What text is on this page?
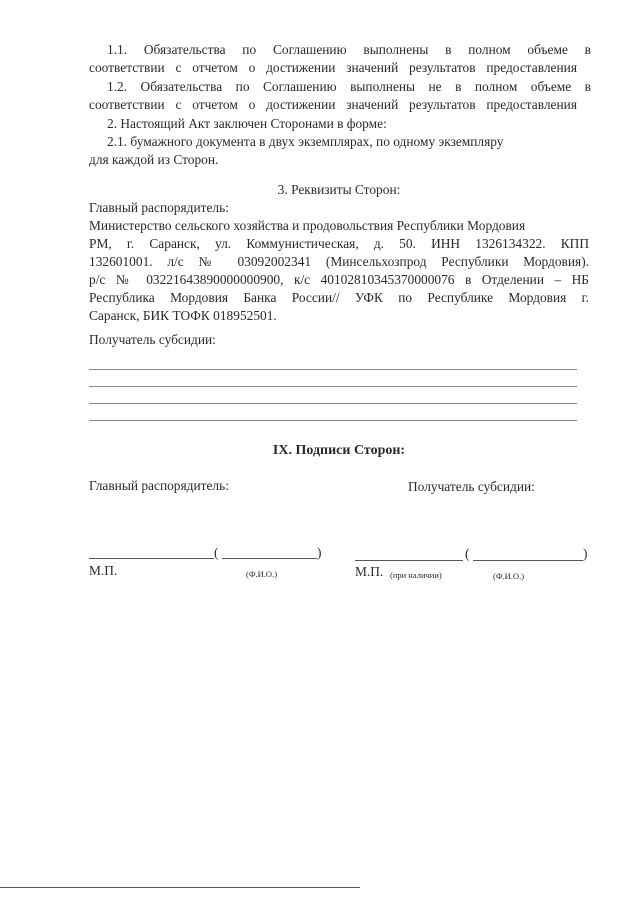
1.1. Обязательства по Соглашению выполнены в полном объеме в
соответствии с отчетом о достижении значений результатов предоставления
1.2. Обязательства по Соглашению выполнены не в полном объеме в
соответствии с отчетом о достижении значений результатов предоставления
2. Настоящий Акт заключен Сторонами в форме:
2.1. бумажного документа в двух экземплярах, по одному экземпляру
для каждой из Сторон.
3. Реквизиты Сторон:
Главный распорядитель:
Министерство сельского хозяйства и продовольствия Республики Мордовия
РМ, г. Саранск, ул. Коммунистическая, д. 50. ИНН 1326134322. КПП
132601001. л/с № 03092002341 (Минсельхозпрод Республики Мордовия).
р/с № 03221643890000000900, к/с 40102810345370000076 в Отделении – НБ
Республика Мордовия Банка России// УФК по Республике Мордовия г.
Саранск, БИК ТОФК 018952501.
Получатель субсидии:
IX. Подписи Сторон:
Главный распорядитель:	Получатель субсидии:
(	)	(	)
М.П.	(Ф.И.О.)	М.П. (при наличии)	(Ф.И.О.)
